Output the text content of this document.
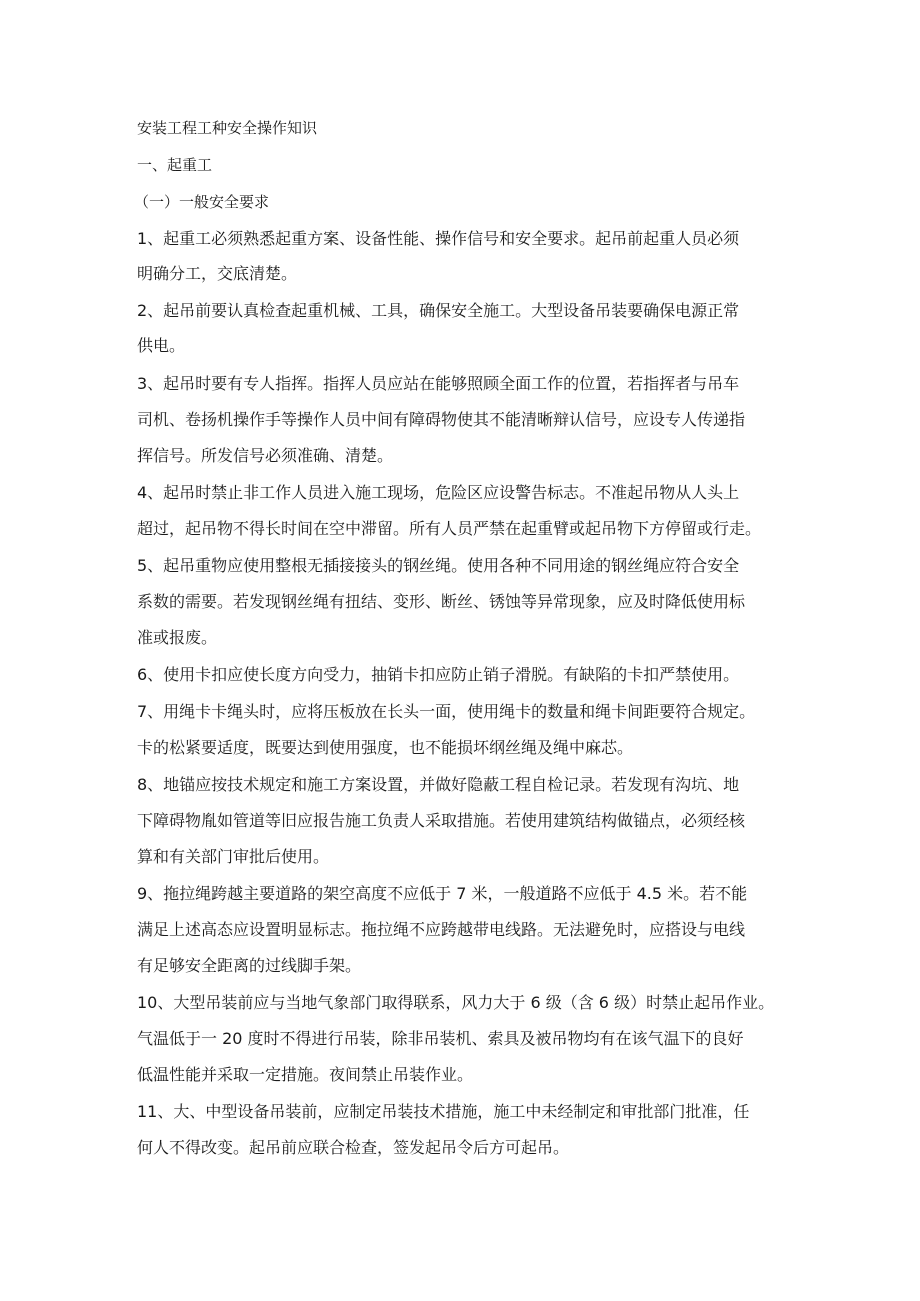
安装工程工种安全操作知识
一、起重工
（一）一般安全要求
1、起重工必须熟悉起重方案、设备性能、操作信号和安全要求。起吊前起重人员必须
明确分工，交底清楚。
2、起吊前要认真检查起重机械、工具，确保安全施工。大型设备吊装要确保电源正常
供电。
3、起吊时要有专人指挥。指挥人员应站在能够照顾全面工作的位置，若指挥者与吊车
司机、卷扬机操作手等操作人员中间有障碍物使其不能清晰辩认信号，应设专人传递指
挥信号。所发信号必须准确、清楚。
4、起吊时禁止非工作人员进入施工现场，危险区应设警告标志。不准起吊物从人头上
超过，起吊物不得长时间在空中滞留。所有人员严禁在起重臂或起吊物下方停留或行走。
5、起吊重物应使用整根无插接接头的钢丝绳。使用各种不同用途的钢丝绳应符合安全
系数的需要。若发现钢丝绳有扭结、变形、断丝、锈蚀等异常现象，应及时降低使用标
准或报废。
6、使用卡扣应使长度方向受力，抽销卡扣应防止销子滑脱。有缺陷的卡扣严禁使用。
7、用绳卡卡绳头时，应将压板放在长头一面，使用绳卡的数量和绳卡间距要符合规定。
卡的松紧要适度，既要达到使用强度，也不能损坏纲丝绳及绳中麻芯。
8、地锚应按技术规定和施工方案设置，并做好隐蔽工程自检记录。若发现有沟坑、地
下障碍物胤如管道等旧应报告施工负责人采取措施。若使用建筑结构做锚点，必须经核
算和有关部门审批后使用。
9、拖拉绳跨越主要道路的架空高度不应低于 7 米，一般道路不应低于 4.5 米。若不能
满足上述高态应设置明显标志。拖拉绳不应跨越带电线路。无法避免时，应搭设与电线
有足够安全距离的过线脚手架。
10、大型吊装前应与当地气象部门取得联系，风力大于 6 级（含 6 级）时禁止起吊作业。
气温低于一 20 度时不得进行吊装，除非吊装机、索具及被吊物均有在该气温下的良好
低温性能并采取一定措施。夜间禁止吊装作业。
11、大、中型设备吊装前，应制定吊装技术措施，施工中未经制定和审批部门批准，任
何人不得改变。起吊前应联合检查，签发起吊令后方可起吊。
